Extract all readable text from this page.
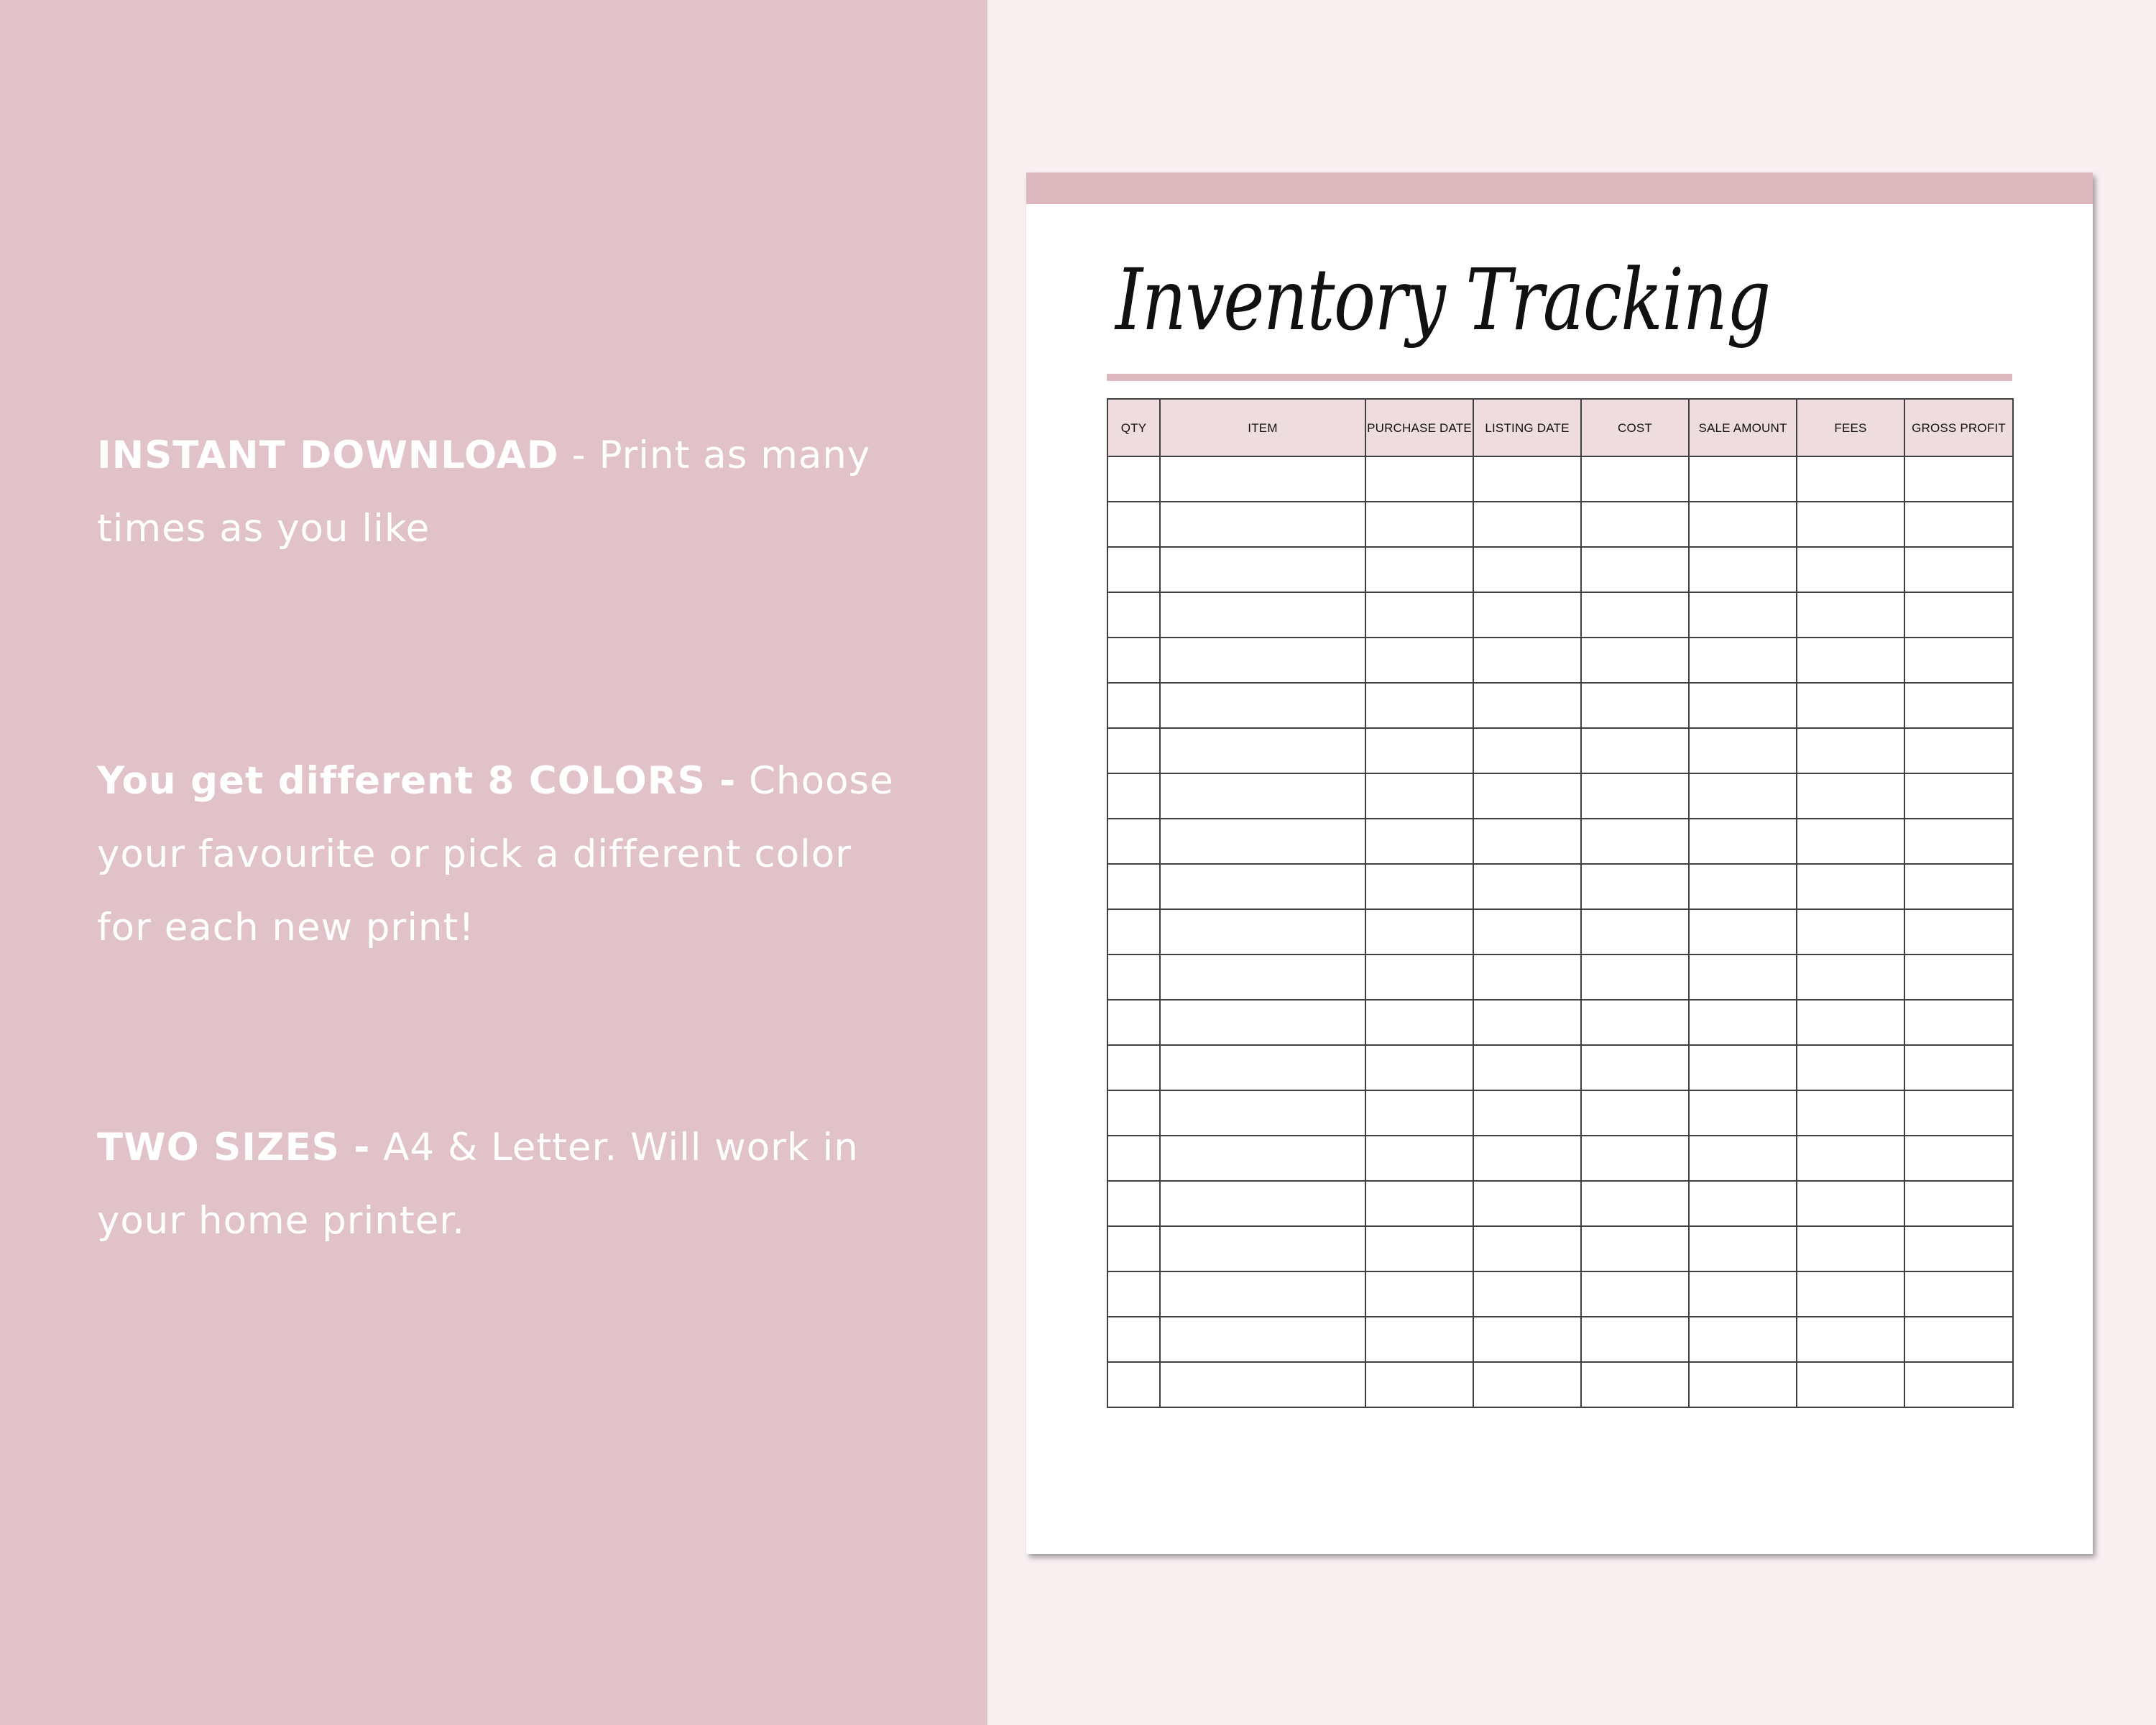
INSTANT DOWNLOAD - Print as many times as you like
You get different 8 COLORS - Choose your favourite or pick a different color for each new print!
TWO SIZES - A4 & Letter. Will work in your home printer.
Inventory Tracking
QTY	ITEM	PURCHASE DATE	LISTING DATE	COST	SALE AMOUNT	FEES	GROSS PROFIT
